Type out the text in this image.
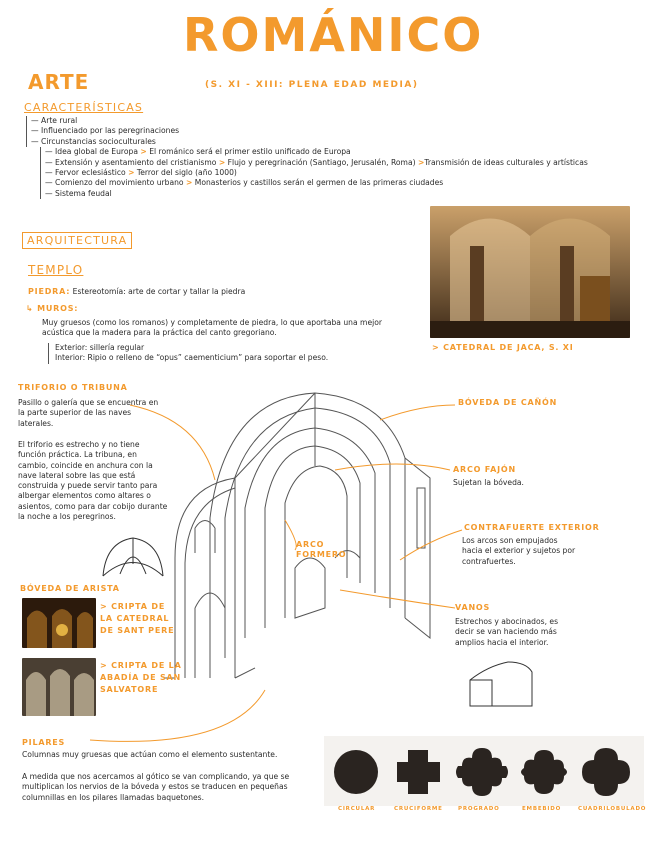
ROMÁNICO
(S. XI - XIII: PLENA EDAD MEDIA)
ARTE
CARACTERÍSTICAS
— Arte rural
— Influenciado por las peregrinaciones
— Circunstancias socioculturales
— Idea global de Europa > El románico será el primer estilo unificado de Europa
— Extensión y asentamiento del cristianismo > Flujo y peregrinación (Santiago, Jerusalén, Roma) >Transmisión de ideas culturales y artísticas
— Fervor eclesiástico > Terror del siglo (año 1000)
— Comienzo del movimiento urbano > Monasterios y castillos serán el germen de las primeras ciudades
— Sistema feudal
ARQUITECTURA
TEMPLO
PIEDRA: Estereotomía: arte de cortar y tallar la piedra
↳ MUROS:
Muy gruesos (como los romanos) y completamente de piedra, lo que aportaba una mejor acústica que la madera para la práctica del canto gregoriano.
Exterior: sillería regular
Interior: Ripio o relleno de “opus” caementicium” para soportar el peso.
> CATEDRAL DE JACA, S. XI
TRIFORIO O TRIBUNA
Pasillo o galería que se encuentra en la parte superior de las naves laterales.
El triforio es estrecho y no tiene función práctica. La tribuna, en cambio, coincide en anchura con la nave lateral sobre las que está construida y puede servir tanto para albergar elementos como altares o asientos, como para dar cobijo durante la noche a los peregrinos.
BÓVEDA DE CAÑÓN
ARCO FAJÓN
Sujetan la bóveda.
CONTRAFUERTE EXTERIOR
Los arcos son empujados hacia el exterior y sujetos por contrafuertes.
ARCO FORMERO
VANOS
Estrechos y abocinados, es decir se van haciendo más amplios hacia el interior.
BÓVEDA DE ARISTA
> CRIPTA DE LA CATEDRAL DE SANT PERE
> CRIPTA DE LA ABADÍA DE SAN SALVATORE
PILARES
Columnas muy gruesas que actúan como el elemento sustentante.
A medida que nos acercamos al gótico se van complicando, ya que se multiplican los nervios de la bóveda y estos se traducen en pequeñas columnillas en los pilares llamadas baquetones.
CIRCULAR	CRUCIFORME	PROGRADO	EMBEBIDO	CUADRILOBULADO
